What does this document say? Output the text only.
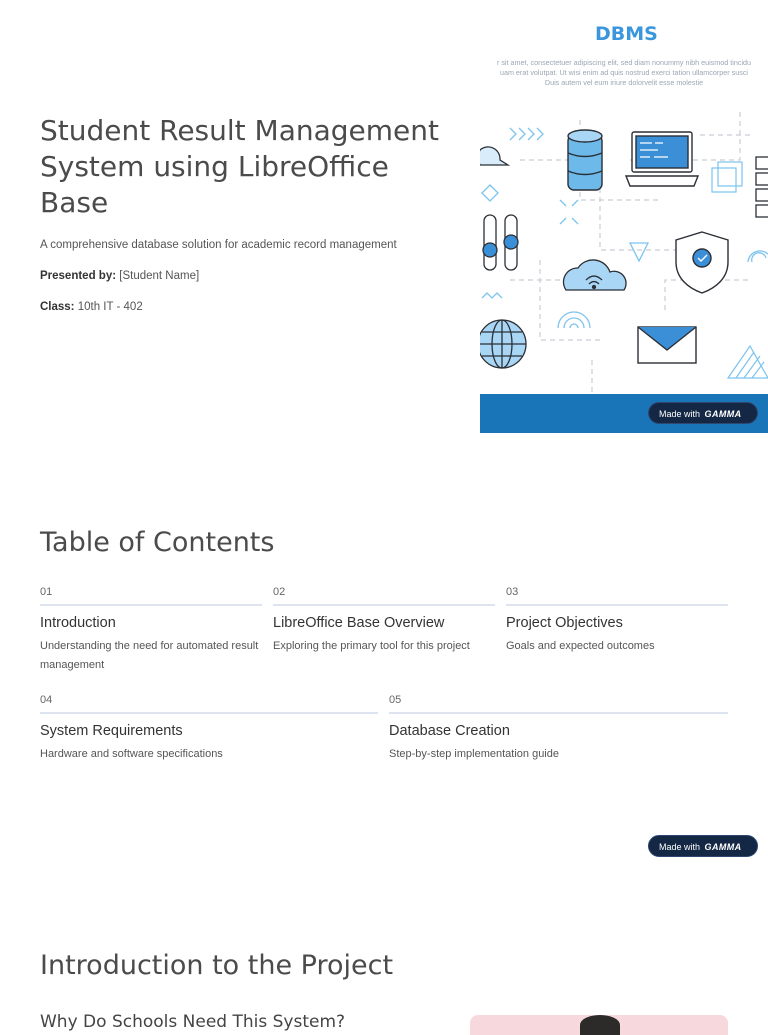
Student Result Management System using LibreOffice Base
A comprehensive database solution for academic record management
Presented by: [Student Name]
Class: 10th IT - 402
DBMS
r sit amet, consectetuer adipiscing elit, sed diam nonummy nibh euismod tincidu
uam erat volutpat. Ut wisi enim ad quis nostrud exerci tation ullamcorper susci
Duis autem vel eum iriure dolorvelit esse molestie
Made with GAMMA
Table of Contents
01
Introduction
Understanding the need for automated result management
02
LibreOffice Base Overview
Exploring the primary tool for this project
03
Project Objectives
Goals and expected outcomes
04
System Requirements
Hardware and software specifications
05
Database Creation
Step-by-step implementation guide
Made with GAMMA
Introduction to the Project
Why Do Schools Need This System?
